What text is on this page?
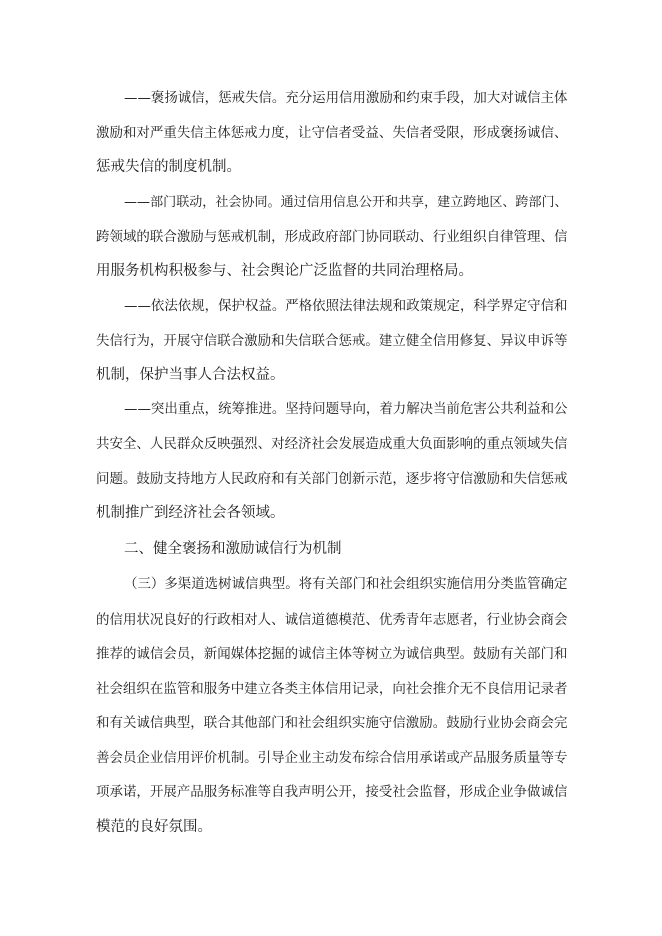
——褒扬诚信，惩戒失信。充分运用信用激励和约束手段，加大对诚信主体
激励和对严重失信主体惩戒力度，让守信者受益、失信者受限，形成褒扬诚信、
惩戒失信的制度机制。
——部门联动，社会协同。通过信用信息公开和共享，建立跨地区、跨部门、
跨领域的联合激励与惩戒机制，形成政府部门协同联动、行业组织自律管理、信
用服务机构积极参与、社会舆论广泛监督的共同治理格局。
——依法依规，保护权益。严格依照法律法规和政策规定，科学界定守信和
失信行为，开展守信联合激励和失信联合惩戒。建立健全信用修复、异议申诉等
机制，保护当事人合法权益。
——突出重点，统筹推进。坚持问题导向，着力解决当前危害公共利益和公
共安全、人民群众反映强烈、对经济社会发展造成重大负面影响的重点领域失信
问题。鼓励支持地方人民政府和有关部门创新示范，逐步将守信激励和失信惩戒
机制推广到经济社会各领域。
二、健全褒扬和激励诚信行为机制
（三）多渠道选树诚信典型。将有关部门和社会组织实施信用分类监管确定
的信用状况良好的行政相对人、诚信道德模范、优秀青年志愿者，行业协会商会
推荐的诚信会员，新闻媒体挖掘的诚信主体等树立为诚信典型。鼓励有关部门和
社会组织在监管和服务中建立各类主体信用记录，向社会推介无不良信用记录者
和有关诚信典型，联合其他部门和社会组织实施守信激励。鼓励行业协会商会完
善会员企业信用评价机制。引导企业主动发布综合信用承诺或产品服务质量等专
项承诺，开展产品服务标准等自我声明公开，接受社会监督，形成企业争做诚信
模范的良好氛围。
